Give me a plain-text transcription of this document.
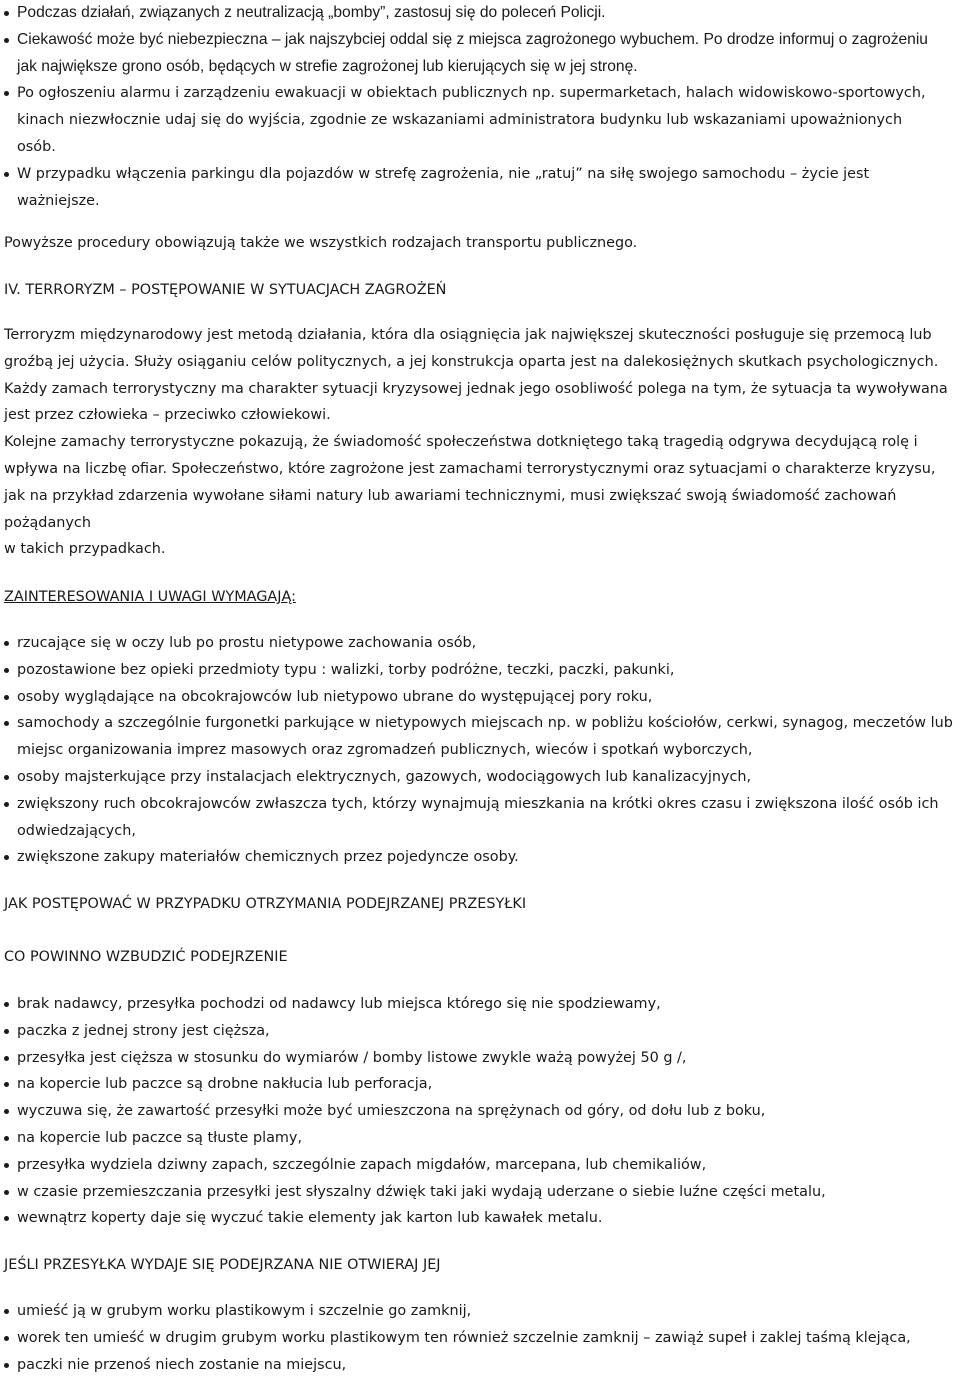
Podczas działań, związanych z neutralizacją „bomby”, zastosuj się do poleceń Policji.
Ciekawość może być niebezpieczna – jak najszybciej oddal się z miejsca zagrożonego wybuchem. Po drodze informuj o zagrożeniu jak największe grono osób, będących w strefie zagrożonej lub kierujących się w jej stronę.
Po ogłoszeniu alarmu i zarządzeniu ewakuacji w obiektach publicznych np. supermarketach, halach widowiskowo-sportowych, kinach niezwłocznie udaj się do wyjścia, zgodnie ze wskazaniami administratora budynku lub wskazaniami upoważnionych osób.
W przypadku włączenia parkingu dla pojazdów w strefę zagrożenia, nie „ratuj” na siłę swojego samochodu – życie jest ważniejsze.

Powyższe procedury obowiązują także we wszystkich rodzajach transportu publicznego.

IV. TERRORYZM – POSTĘPOWANIE W SYTUACJACH ZAGROŻEŃ

Terroryzm międzynarodowy jest metodą działania, która dla osiągnięcia jak największej skuteczności posługuje się przemocą lub groźbą jej użycia. Służy osiąganiu celów politycznych, a jej konstrukcja oparta jest na dalekosiężnych skutkach psychologicznych. Każdy zamach terrorystyczny ma charakter sytuacji kryzysowej jednak jego osobliwość polega na tym, że sytuacja ta wywoływana jest przez człowieka – przeciwko człowiekowi.
Kolejne zamachy terrorystyczne pokazują, że świadomość społeczeństwa dotkniętego taką tragedią odgrywa decydującą rolę i wpływa na liczbę ofiar. Społeczeństwo, które zagrożone jest zamachami terrorystycznymi oraz sytuacjami o charakterze kryzysu, jak na przykład zdarzenia wywołane siłami natury lub awariami technicznymi, musi zwiększać swoją świadomość zachowań pożądanych
w takich przypadkach.

ZAINTERESOWANIA I UWAGI WYMAGAJĄ:

rzucające się w oczy lub po prostu nietypowe zachowania osób,
pozostawione bez opieki przedmioty typu : walizki, torby podróżne, teczki, paczki, pakunki,
osoby wyglądające na obcokrajowców lub nietypowo ubrane do występującej pory roku,
samochody a szczególnie furgonetki parkujące w nietypowych miejscach np. w pobliżu kościołów, cerkwi, synagog, meczetów lub miejsc organizowania imprez masowych oraz zgromadzeń publicznych, wieców i spotkań wyborczych,
osoby majsterkujące przy instalacjach elektrycznych, gazowych, wodociągowych lub kanalizacyjnych,
zwiększony ruch obcokrajowców zwłaszcza tych, którzy wynajmują mieszkania na krótki okres czasu i zwiększona ilość osób ich odwiedzających,
zwiększone zakupy materiałów chemicznych przez pojedyncze osoby.

JAK POSTĘPOWAĆ W PRZYPADKU OTRZYMANIA PODEJRZANEJ PRZESYŁKI

CO POWINNO WZBUDZIĆ PODEJRZENIE

brak nadawcy, przesyłka pochodzi od nadawcy lub miejsca którego się nie spodziewamy,
paczka z jednej strony jest cięższa,
przesyłka jest cięższa w stosunku do wymiarów / bomby listowe zwykle ważą powyżej 50 g /,
na kopercie lub paczce są drobne nakłucia lub perforacja,
wyczuwa się, że zawartość przesyłki może być umieszczona na sprężynach od góry, od dołu lub z boku,
na kopercie lub paczce są tłuste plamy,
przesyłka wydziela dziwny zapach, szczególnie zapach migdałów, marcepana, lub chemikaliów,
w czasie przemieszczania przesyłki jest słyszalny dźwięk taki jaki wydają uderzane o siebie luźne części metalu,
wewnątrz koperty daje się wyczuć takie elementy jak karton lub kawałek metalu.

JEŚLI PRZESYŁKA WYDAJE SIĘ PODEJRZANA NIE OTWIERAJ JEJ

umieść ją w grubym worku plastikowym i szczelnie go zamknij,
worek ten umieść w drugim grubym worku plastikowym ten również szczelnie zamknij – zawiąż supeł i zaklej taśmą klejąca,
paczki nie przenoś niech zostanie na miejscu,
